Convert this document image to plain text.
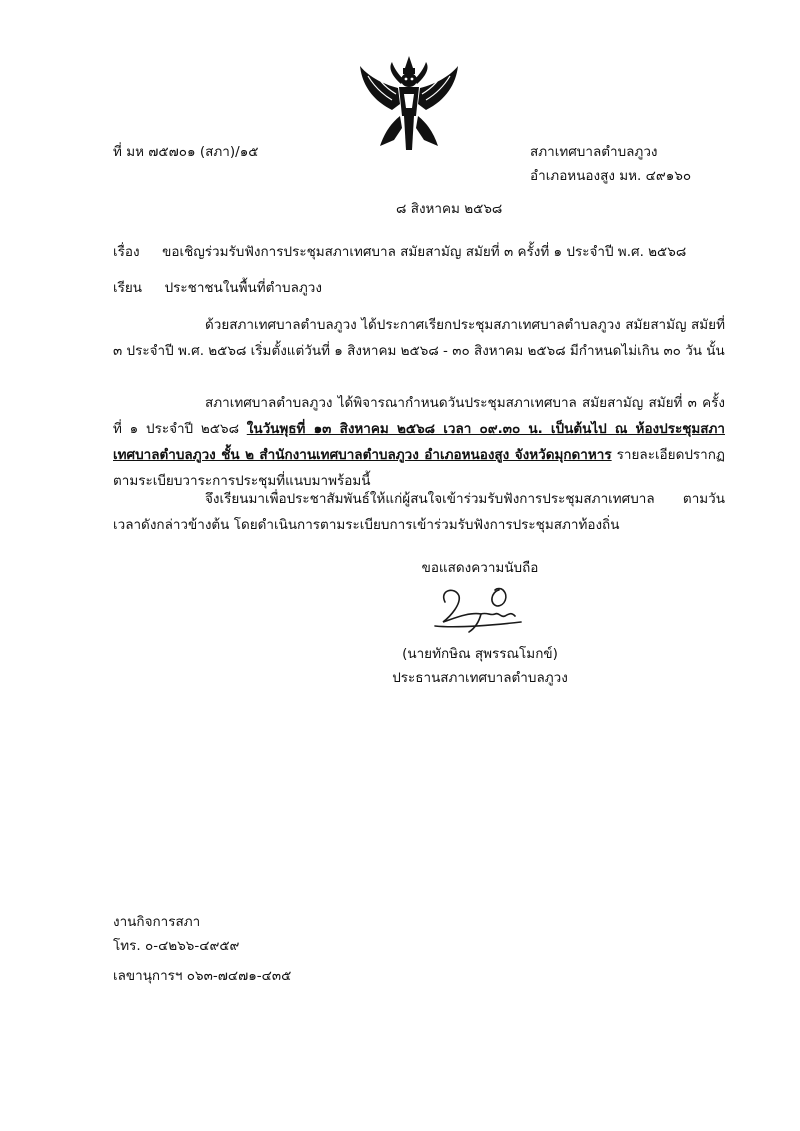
ที่ มห ๗๕๗๐๑ (สภา)/๑๕	สภาเทศบาลตำบลภูวง
อำเภอหนองสูง มห. ๔๙๑๖๐
๘ สิงหาคม ๒๕๖๘
เรื่อง ขอเชิญร่วมรับฟังการประชุมสภาเทศบาล สมัยสามัญ สมัยที่ ๓ ครั้งที่ ๑ ประจำปี พ.ศ. ๒๕๖๘
เรียน ประชาชนในพื้นที่ตำบลภูวง
ด้วยสภาเทศบาลตำบลภูวง ได้ประกาศเรียกประชุมสภาเทศบาลตำบลภูวง สมัยสามัญ สมัยที่ ๓ ประจำปี พ.ศ. ๒๕๖๘ เริ่มตั้งแต่วันที่ ๑ สิงหาคม ๒๕๖๘ - ๓๐ สิงหาคม ๒๕๖๘ มีกำหนดไม่เกิน ๓๐ วัน นั้น
สภาเทศบาลตำบลภูวง ได้พิจารณากำหนดวันประชุมสภาเทศบาล สมัยสามัญ สมัยที่ ๓ ครั้งที่ ๑ ประจำปี ๒๕๖๘ ในวันพุธที่ ๑๓ สิงหาคม ๒๕๖๘ เวลา ๐๙.๓๐ น. เป็นต้นไป ณ ห้องประชุมสภาเทศบาลตำบลภูวง ชั้น ๒ สำนักงานเทศบาลตำบลภูวง อำเภอหนองสูง จังหวัดมุกดาหาร รายละเอียดปรากฏตามระเบียบวาระการประชุมที่แนบมาพร้อมนี้
จึงเรียนมาเพื่อประชาสัมพันธ์ให้แก่ผู้สนใจเข้าร่วมรับฟังการประชุมสภาเทศบาล ตามวันเวลาดังกล่าวข้างต้น โดยดำเนินการตามระเบียบการเข้าร่วมรับฟังการประชุมสภาท้องถิ่น
ขอแสดงความนับถือ
(นายทักษิณ สุพรรณโมกข์)
ประธานสภาเทศบาลตำบลภูวง
งานกิจการสภา
โทร. ๐-๔๒๖๖-๔๙๕๙
เลขานุการฯ ๐๖๓-๗๔๗๑-๔๓๕
